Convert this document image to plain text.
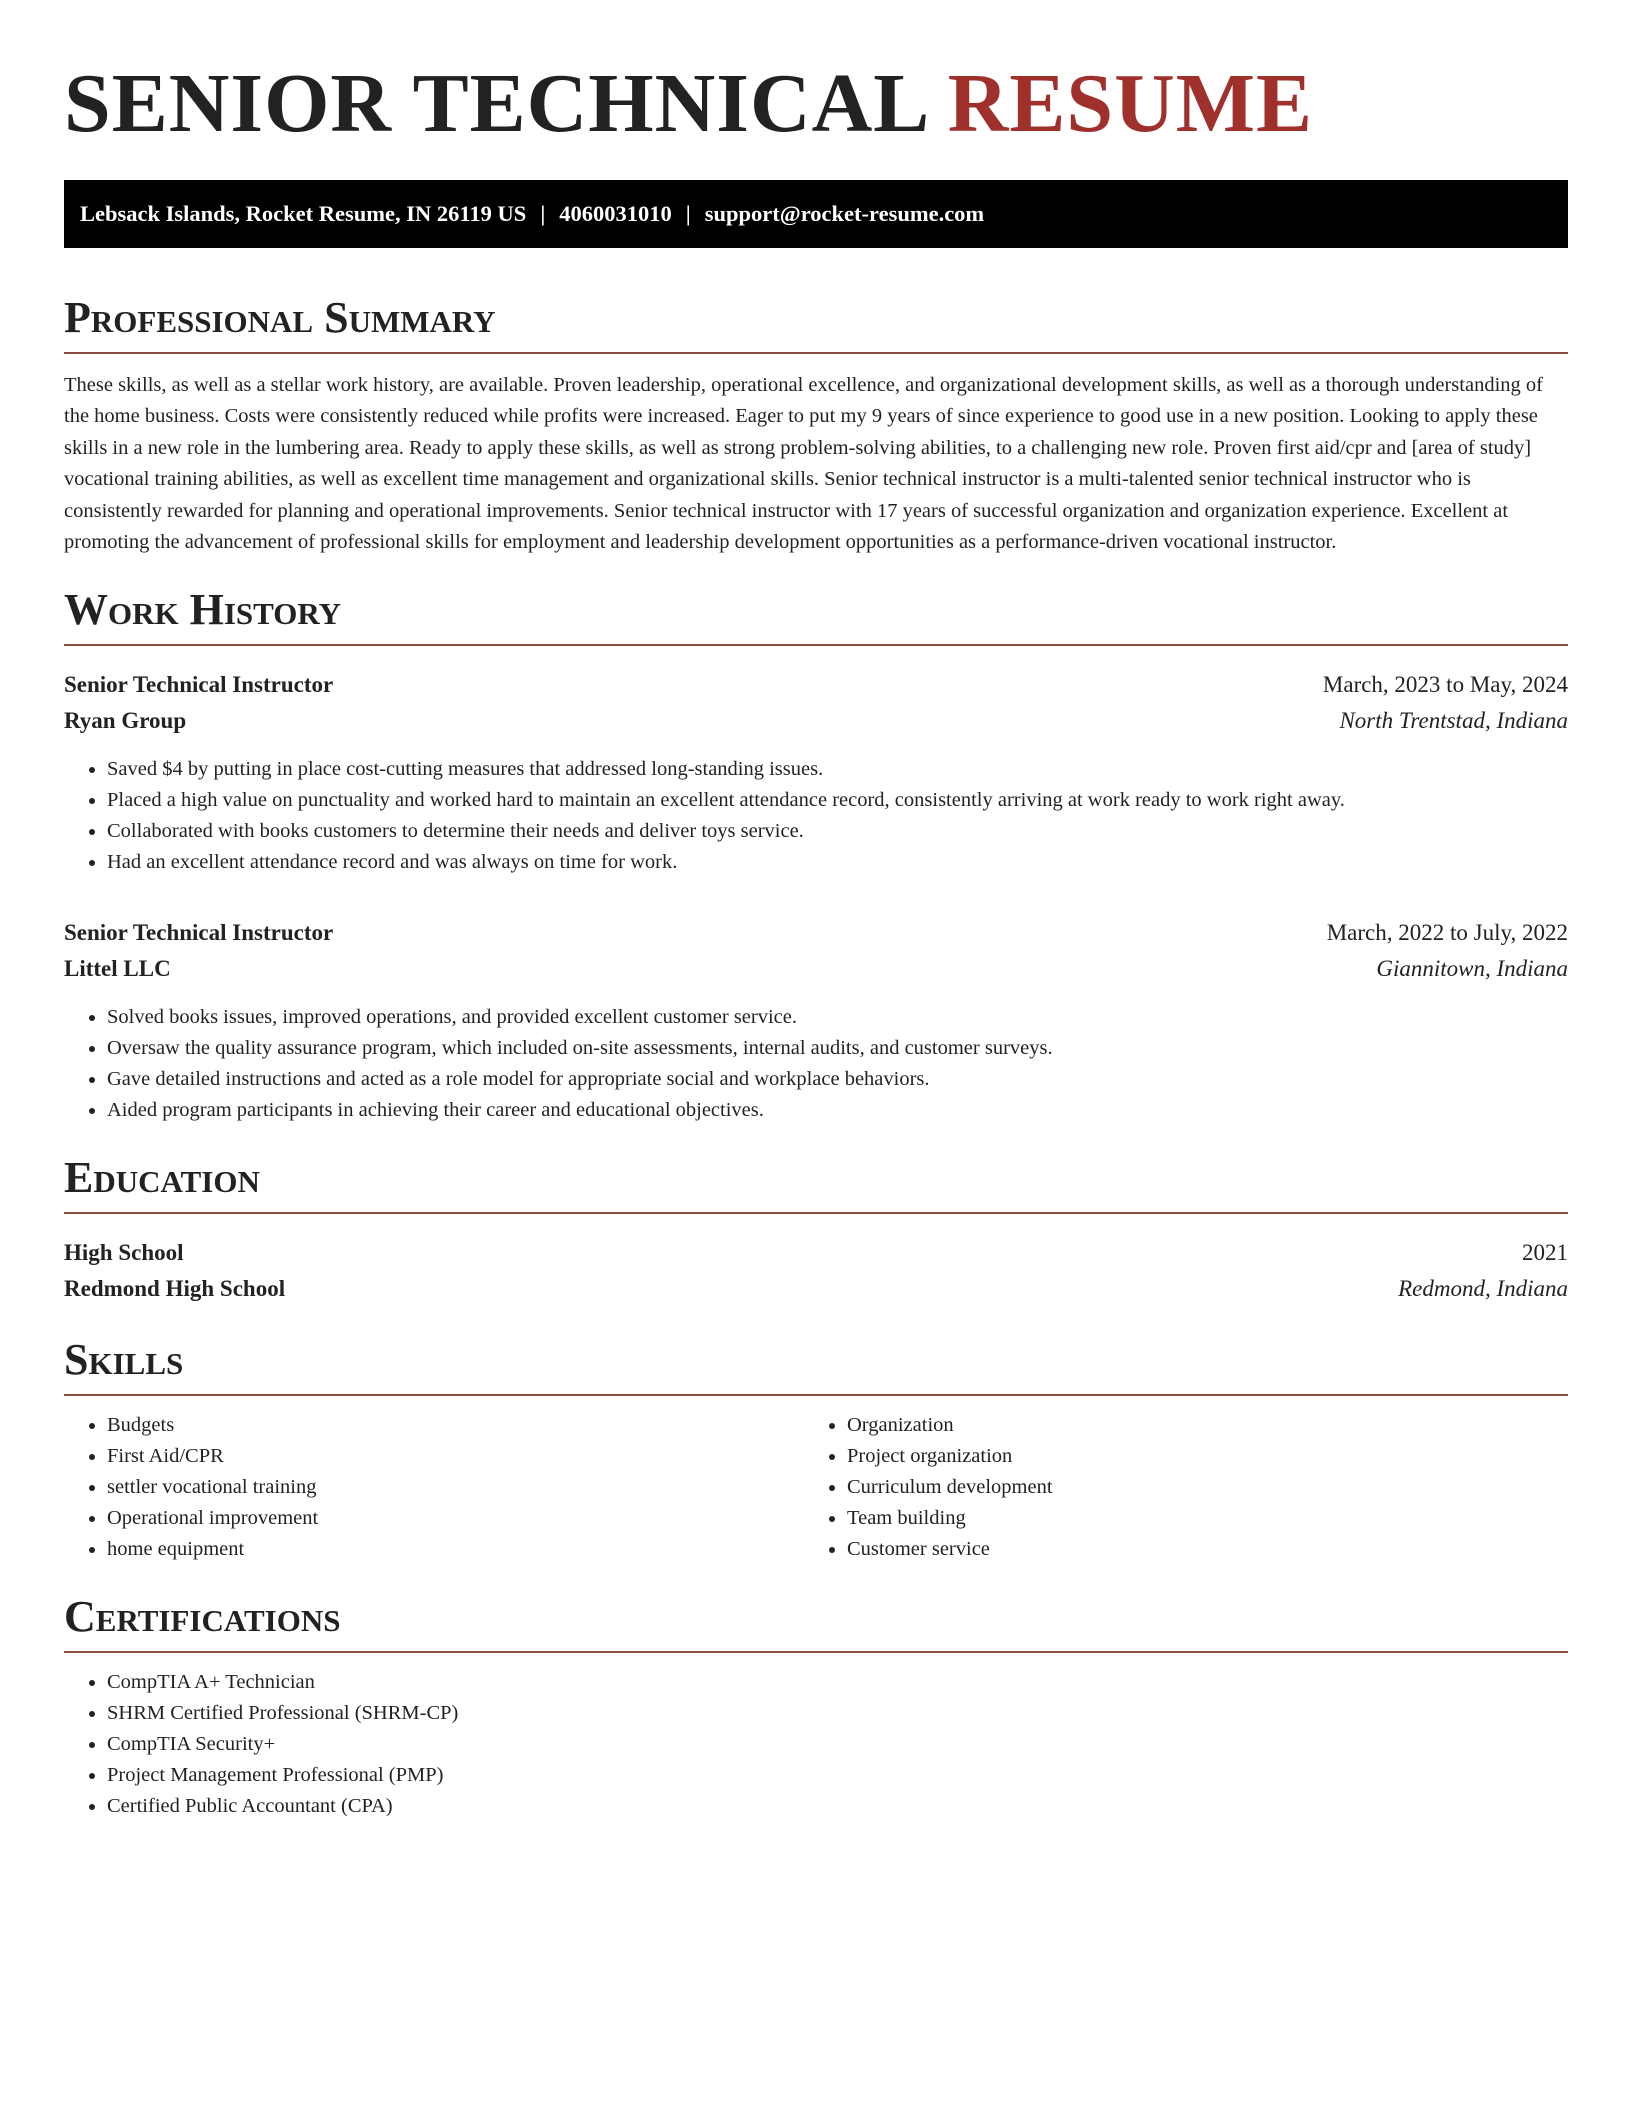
SENIOR TECHNICAL RESUME
Lebsack Islands, Rocket Resume, IN 26119 US | 4060031010 | support@rocket-resume.com
Professional Summary

These skills, as well as a stellar work history, are available. Proven leadership, operational excellence, and organizational development skills, as well as a thorough understanding of the home business. Costs were consistently reduced while profits were increased. Eager to put my 9 years of since experience to good use in a new position. Looking to apply these skills in a new role in the lumbering area. Ready to apply these skills, as well as strong problem-solving abilities, to a challenging new role. Proven first aid/cpr and [area of study] vocational training abilities, as well as excellent time management and organizational skills. Senior technical instructor is a multi-talented senior technical instructor who is consistently rewarded for planning and operational improvements. Senior technical instructor with 17 years of successful organization and organization experience. Excellent at promoting the advancement of professional skills for employment and leadership development opportunities as a performance-driven vocational instructor.

Work History
Senior Technical Instructor	March, 2023 to May, 2024
Ryan Group	North Trentstad, Indiana
• Saved $4 by putting in place cost-cutting measures that addressed long-standing issues.
• Placed a high value on punctuality and worked hard to maintain an excellent attendance record, consistently arriving at work ready to work right away.
• Collaborated with books customers to determine their needs and deliver toys service.
• Had an excellent attendance record and was always on time for work.
Senior Technical Instructor	March, 2022 to July, 2022
Littel LLC	Giannitown, Indiana
• Solved books issues, improved operations, and provided excellent customer service.
• Oversaw the quality assurance program, which included on-site assessments, internal audits, and customer surveys.
• Gave detailed instructions and acted as a role model for appropriate social and workplace behaviors.
• Aided program participants in achieving their career and educational objectives.
Education
High School	2021
Redmond High School	Redmond, Indiana
Skills
• Budgets
• First Aid/CPR
• settler vocational training
• Operational improvement
• home equipment
• Organization
• Project organization
• Curriculum development
• Team building
• Customer service
Certifications
• CompTIA A+ Technician
• SHRM Certified Professional (SHRM-CP)
• CompTIA Security+
• Project Management Professional (PMP)
• Certified Public Accountant (CPA)
